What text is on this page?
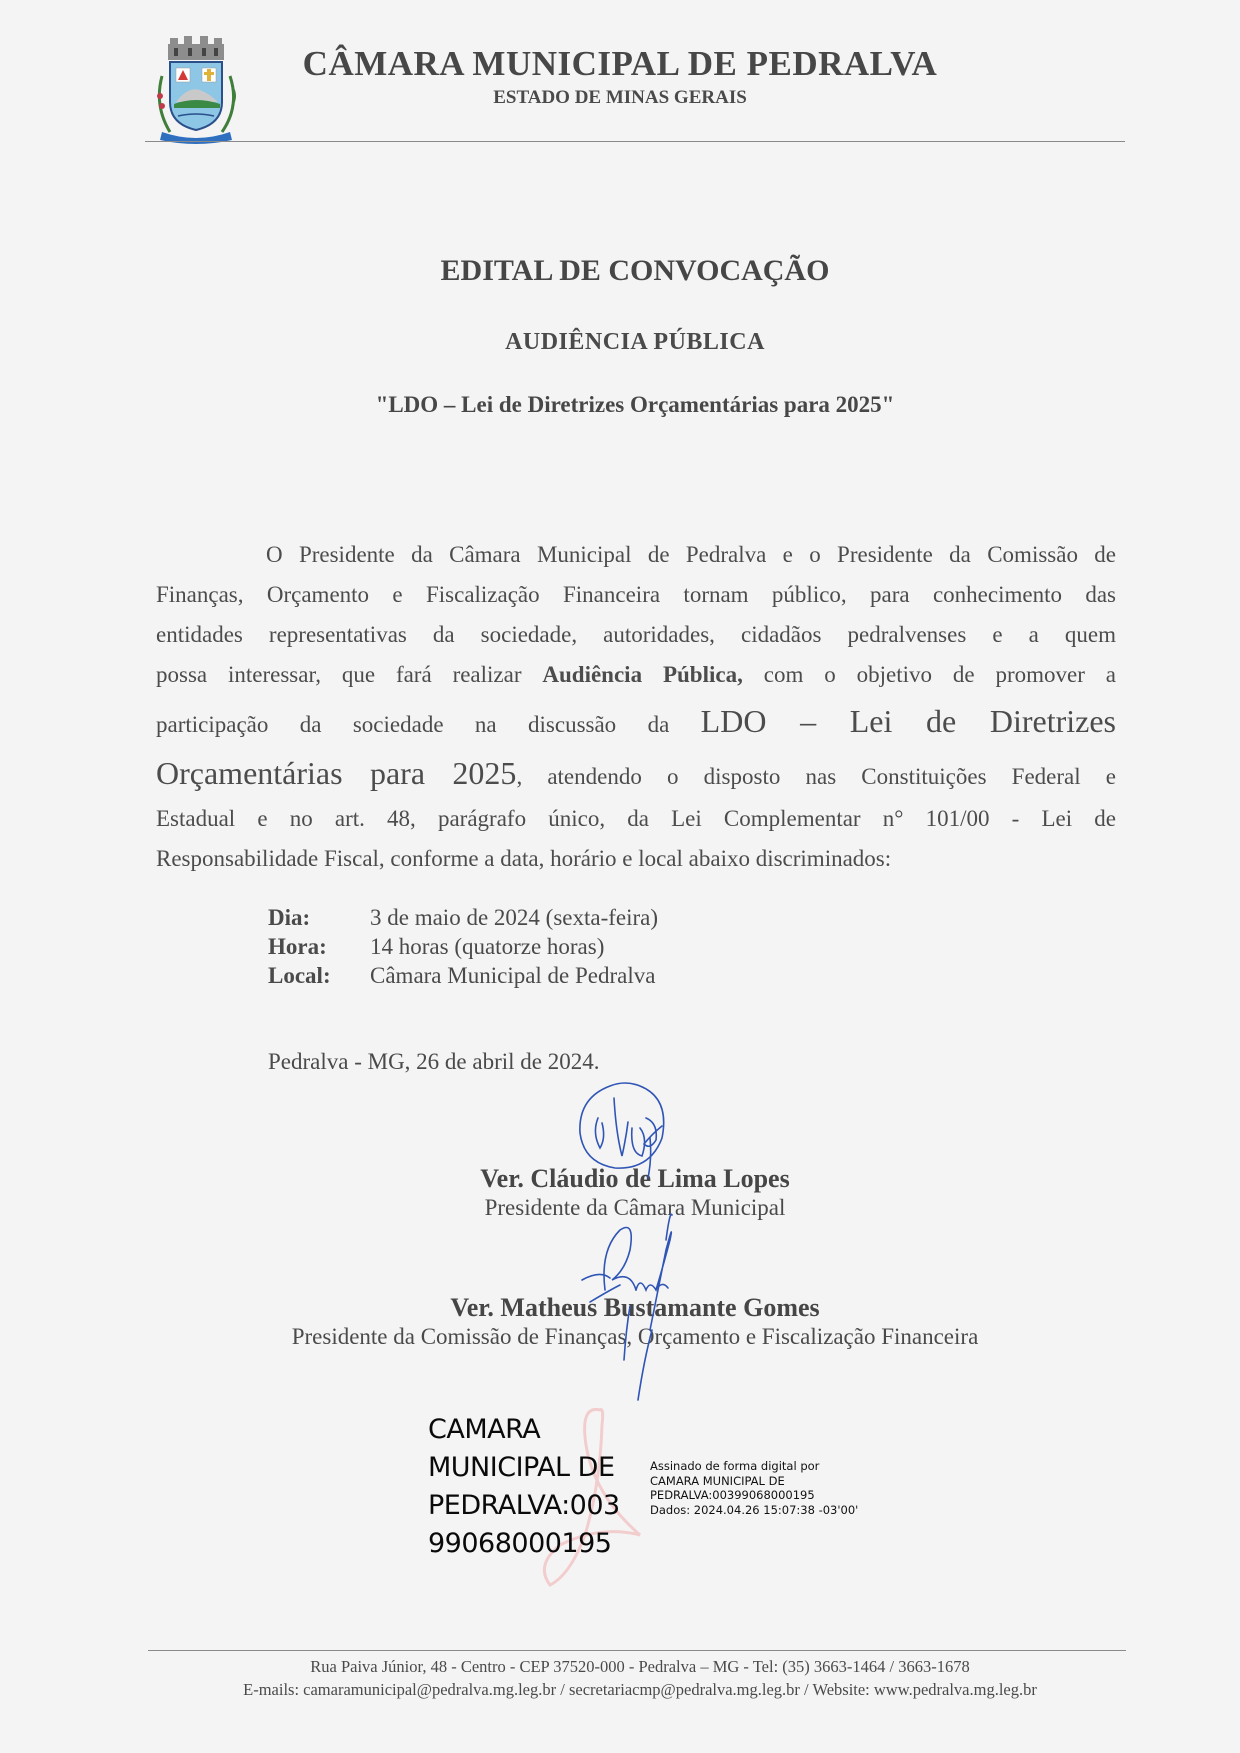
CÂMARA MUNICIPAL DE PEDRALVA
ESTADO DE MINAS GERAIS
EDITAL DE CONVOCAÇÃO
AUDIÊNCIA PÚBLICA
"LDO – Lei de Diretrizes Orçamentárias para 2025"
O Presidente da Câmara Municipal de Pedralva e o Presidente da Comissão de
Finanças, Orçamento e Fiscalização Financeira tornam público, para conhecimento das
entidades representativas da sociedade, autoridades, cidadãos pedralvenses e a quem
possa interessar, que fará realizar Audiência Pública, com o objetivo de promover a
participação da sociedade na discussão da LDO – Lei de Diretrizes
Orçamentárias para 2025, atendendo o disposto nas Constituições Federal e
Estadual e no art. 48, parágrafo único, da Lei Complementar n° 101/00 - Lei de
Responsabilidade Fiscal, conforme a data, horário e local abaixo discriminados:
Dia:	3 de maio de 2024 (sexta-feira)
Hora: 14 horas (quatorze horas)
Local: Câmara Municipal de Pedralva
Pedralva - MG, 26 de abril de 2024.
Ver. Cláudio de Lima Lopes
Presidente da Câmara Municipal
Ver. Matheus Bustamante Gomes
Presidente da Comissão de Finanças, Orçamento e Fiscalização Financeira
CAMARA
MUNICIPAL DE
PEDRALVA:003
99068000195
Assinado de forma digital por
CAMARA MUNICIPAL DE
PEDRALVA:00399068000195
Dados: 2024.04.26 15:07:38 -03'00'
Rua Paiva Júnior, 48 - Centro - CEP 37520-000 - Pedralva – MG - Tel: (35) 3663-1464 / 3663-1678
E-mails: camaramunicipal@pedralva.mg.leg.br / secretariacmp@pedralva.mg.leg.br / Website: www.pedralva.mg.leg.br
